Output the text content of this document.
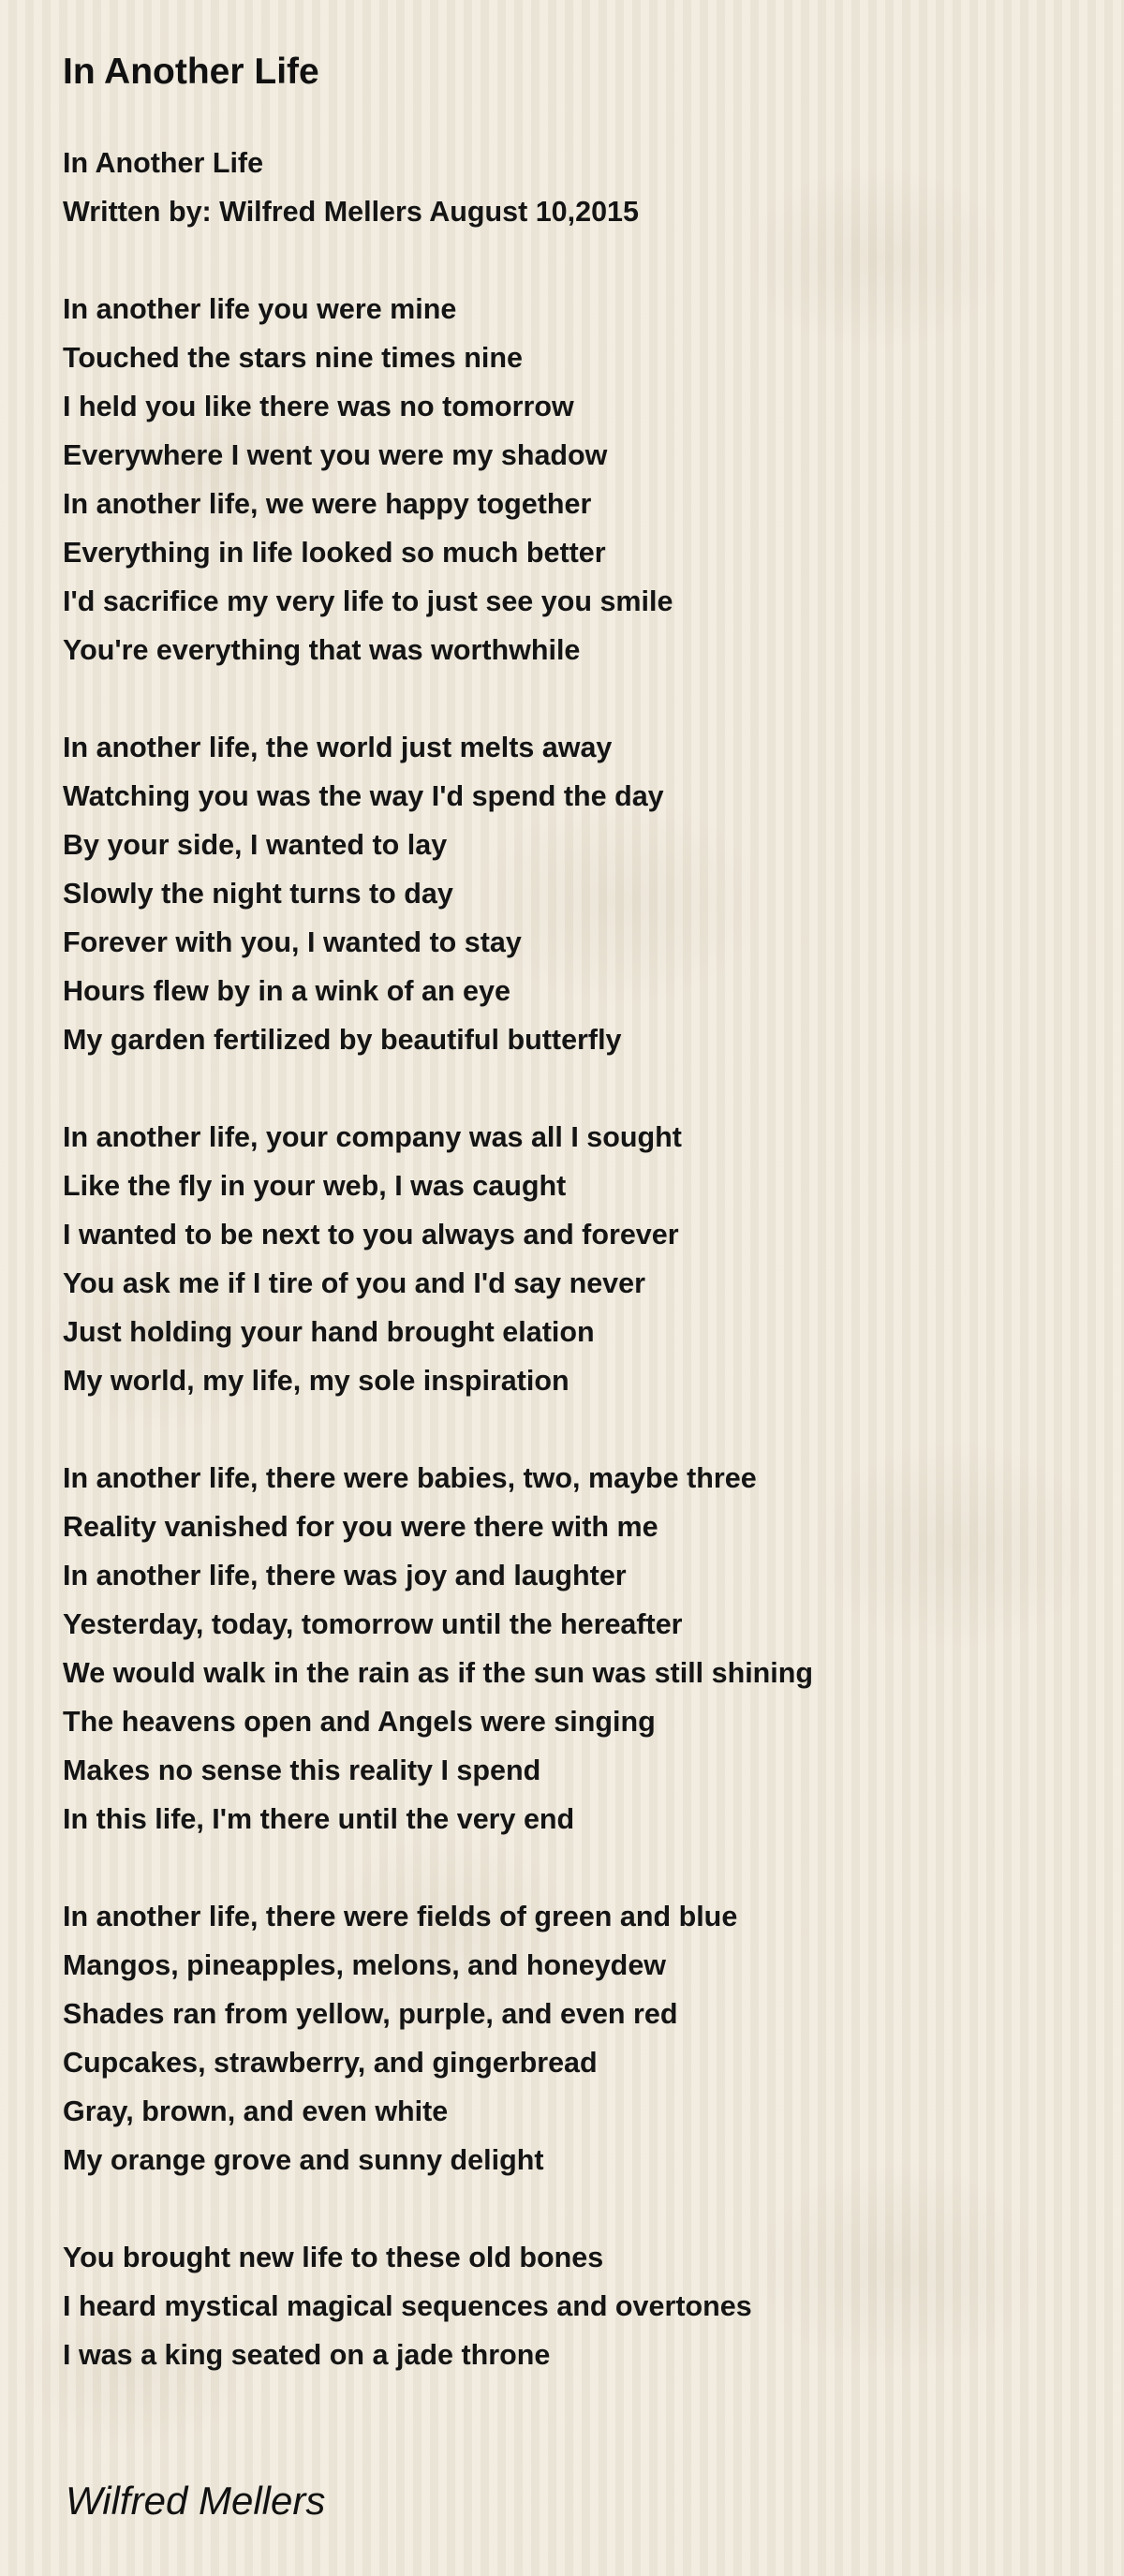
In Another Life
In Another Life
Written by: Wilfred Mellers August 10,2015
In another life you were mine
Touched the stars nine times nine
I held you like there was no tomorrow
Everywhere I went you were my shadow
In another life, we were happy together
Everything in life looked so much better
I'd sacrifice my very life to just see you smile
You're everything that was worthwhile
In another life, the world just melts away
Watching you was the way I'd spend the day
By your side, I wanted to lay
Slowly the night turns to day
Forever with you, I wanted to stay
Hours flew by in a wink of an eye
My garden fertilized by beautiful butterfly
In another life, your company was all I sought
Like the fly in your web, I was caught
I wanted to be next to you always and forever
You ask me if I tire of you and I'd say never
Just holding your hand brought elation
My world, my life, my sole inspiration
In another life, there were babies, two, maybe three
Reality vanished for you were there with me
In another life, there was joy and laughter
Yesterday, today, tomorrow until the hereafter
We would walk in the rain as if the sun was still shining
The heavens open and Angels were singing
Makes no sense this reality I spend
In this life, I'm there until the very end
In another life, there were fields of green and blue
Mangos, pineapples, melons, and honeydew
Shades ran from yellow, purple, and even red
Cupcakes, strawberry, and gingerbread
Gray, brown, and even white
My orange grove and sunny delight
You brought new life to these old bones
I heard mystical magical sequences and overtones
I was a king seated on a jade throne
Wilfred Mellers
